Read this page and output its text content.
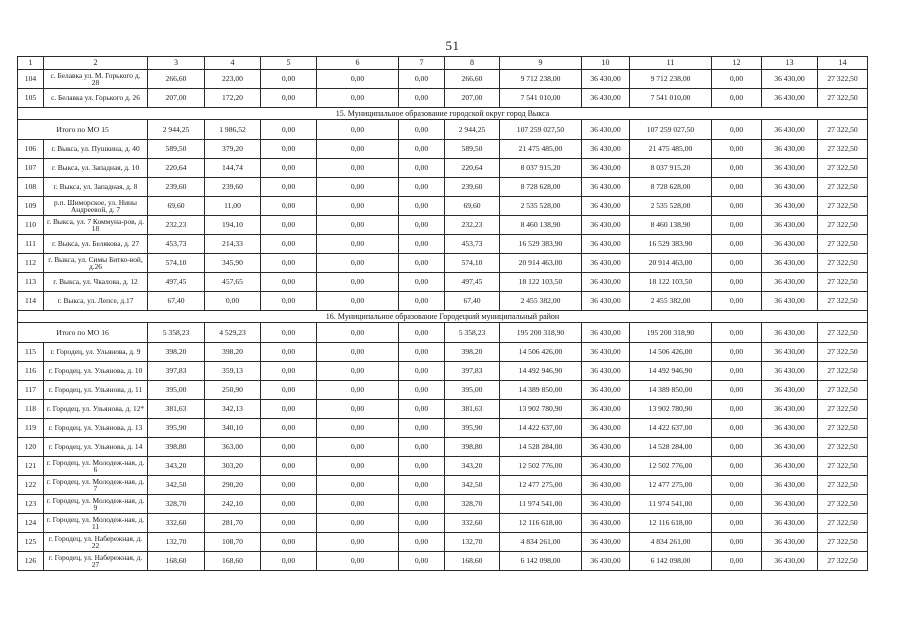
51
1	2	3	4	5	6	7	8	9	10	11	12	13	14
104	с. Белавка ул. М. Горького д. 28	266,60	223,00	0,00	0,00	0,00	266,60	9 712 238,00	36 430,00	9 712 238,00	0,00	36 430,00	27 322,50
105	с. Белавка ул. Горького д. 26	207,00	172,20	0,00	0,00	0,00	207,00	7 541 010,00	36 430,00	7 541 010,00	0,00	36 430,00	27 322,50
15. Муниципальное образование городской округ город Выкса													
Итого по МО 15		2 944,25	1 986,52	0,00	0,00	0,00	2 944,25	107 259 027,50	36 430,00	107 259 027,50	0,00	36 430,00	27 322,50
106	г. Выкса, ул. Пушкина, д. 40	589,50	379,20	0,00	0,00	0,00	589,50	21 475 485,00	36 430,00	21 475 485,00	0,00	36 430,00	27 322,50
107	г. Выкса, ул. Западная, д. 10	220,64	144,74	0,00	0,00	0,00	220,64	8 037 915,20	36 430,00	8 037 915,20	0,00	36 430,00	27 322,50
108	г. Выкса, ул. Западная, д. 8	239,60	239,60	0,00	0,00	0,00	239,60	8 728 628,00	36 430,00	8 728 628,00	0,00	36 430,00	27 322,50
109	р.п. Шиморское, ул. Нины Андреевой, д. 7	69,60	11,00	0,00	0,00	0,00	69,60	2 535 528,00	36 430,00	2 535 528,00	0,00	36 430,00	27 322,50
110	г. Выкса, ул. 7 Коммуна-ров, д. 18	232,23	194,10	0,00	0,00	0,00	232,23	8 460 138,90	36 430,00	8 460 138,90	0,00	36 430,00	27 322,50
111	г. Выкса, ул. Белякова, д. 27	453,73	214,33	0,00	0,00	0,00	453,73	16 529 383,90	36 430,00	16 529 383,90	0,00	36 430,00	27 322,50
112	г. Выкса, ул. Симы Битко-вой, д.26	574,10	345,90	0,00	0,00	0,00	574,10	20 914 463,00	36 430,00	20 914 463,00	0,00	36 430,00	27 322,50
113	г. Выкса, ул. Чкалова, д. 12	497,45	457,65	0,00	0,00	0,00	497,45	18 122 103,50	36 430,00	18 122 103,50	0,00	36 430,00	27 322,50
114	г. Выкса, ул. Лепсе, д.17	67,40	0,00	0,00	0,00	0,00	67,40	2 455 382,00	36 430,00	2 455 382,00	0,00	36 430,00	27 322,50
16. Муниципальное образование Городецкий муниципальный район													
Итого по МО 16		5 358,23	4 529,23	0,00	0,00	0,00	5 358,23	195 200 318,90	36 430,00	195 200 318,90	0,00	36 430,00	27 322,50
115	г. Городец, ул. Ульянова, д. 9	398,20	398,20	0,00	0,00	0,00	398,20	14 506 426,00	36 430,00	14 506 426,00	0,00	36 430,00	27 322,50
116	г. Городец, ул. Ульянова, д. 10	397,83	359,13	0,00	0,00	0,00	397,83	14 492 946,90	36 430,00	14 492 946,90	0,00	36 430,00	27 322,50
117	г. Городец, ул. Ульянова, д. 11	395,00	250,90	0,00	0,00	0,00	395,00	14 389 850,00	36 430,00	14 389 850,00	0,00	36 430,00	27 322,50
118	г. Городец, ул. Ульянова, д. 12*	381,63	342,13	0,00	0,00	0,00	381,63	13 902 780,90	36 430,00	13 902 780,90	0,00	36 430,00	27 322,50
119	г. Городец, ул. Ульянова, д. 13	395,90	340,10	0,00	0,00	0,00	395,90	14 422 637,00	36 430,00	14 422 637,00	0,00	36 430,00	27 322,50
120	г. Городец, ул. Ульянова, д. 14	398,80	363,00	0,00	0,00	0,00	398,80	14 528 284,00	36 430,00	14 528 284,00	0,00	36 430,00	27 322,50
121	г. Городец, ул. Молодеж-ная, д. 6	343,20	303,20	0,00	0,00	0,00	343,20	12 502 776,00	36 430,00	12 502 776,00	0,00	36 430,00	27 322,50
122	г. Городец, ул. Молодеж-ная, д. 7	342,50	290,20	0,00	0,00	0,00	342,50	12 477 275,00	36 430,00	12 477 275,00	0,00	36 430,00	27 322,50
123	г. Городец, ул. Молодеж-ная, д. 9	328,70	242,10	0,00	0,00	0,00	328,70	11 974 541,00	36 430,00	11 974 541,00	0,00	36 430,00	27 322,50
124	г. Городец, ул. Молодеж-ная, д. 11	332,60	281,70	0,00	0,00	0,00	332,60	12 116 618,00	36 430,00	12 116 618,00	0,00	36 430,00	27 322,50
125	г. Городец, ул. Набережная, д. 22	132,70	108,70	0,00	0,00	0,00	132,70	4 834 261,00	36 430,00	4 834 261,00	0,00	36 430,00	27 322,50
126	г. Городец, ул. Набережная, д. 27	168,60	168,60	0,00	0,00	0,00	168,60	6 142 098,00	36 430,00	6 142 098,00	0,00	36 430,00	27 322,50
